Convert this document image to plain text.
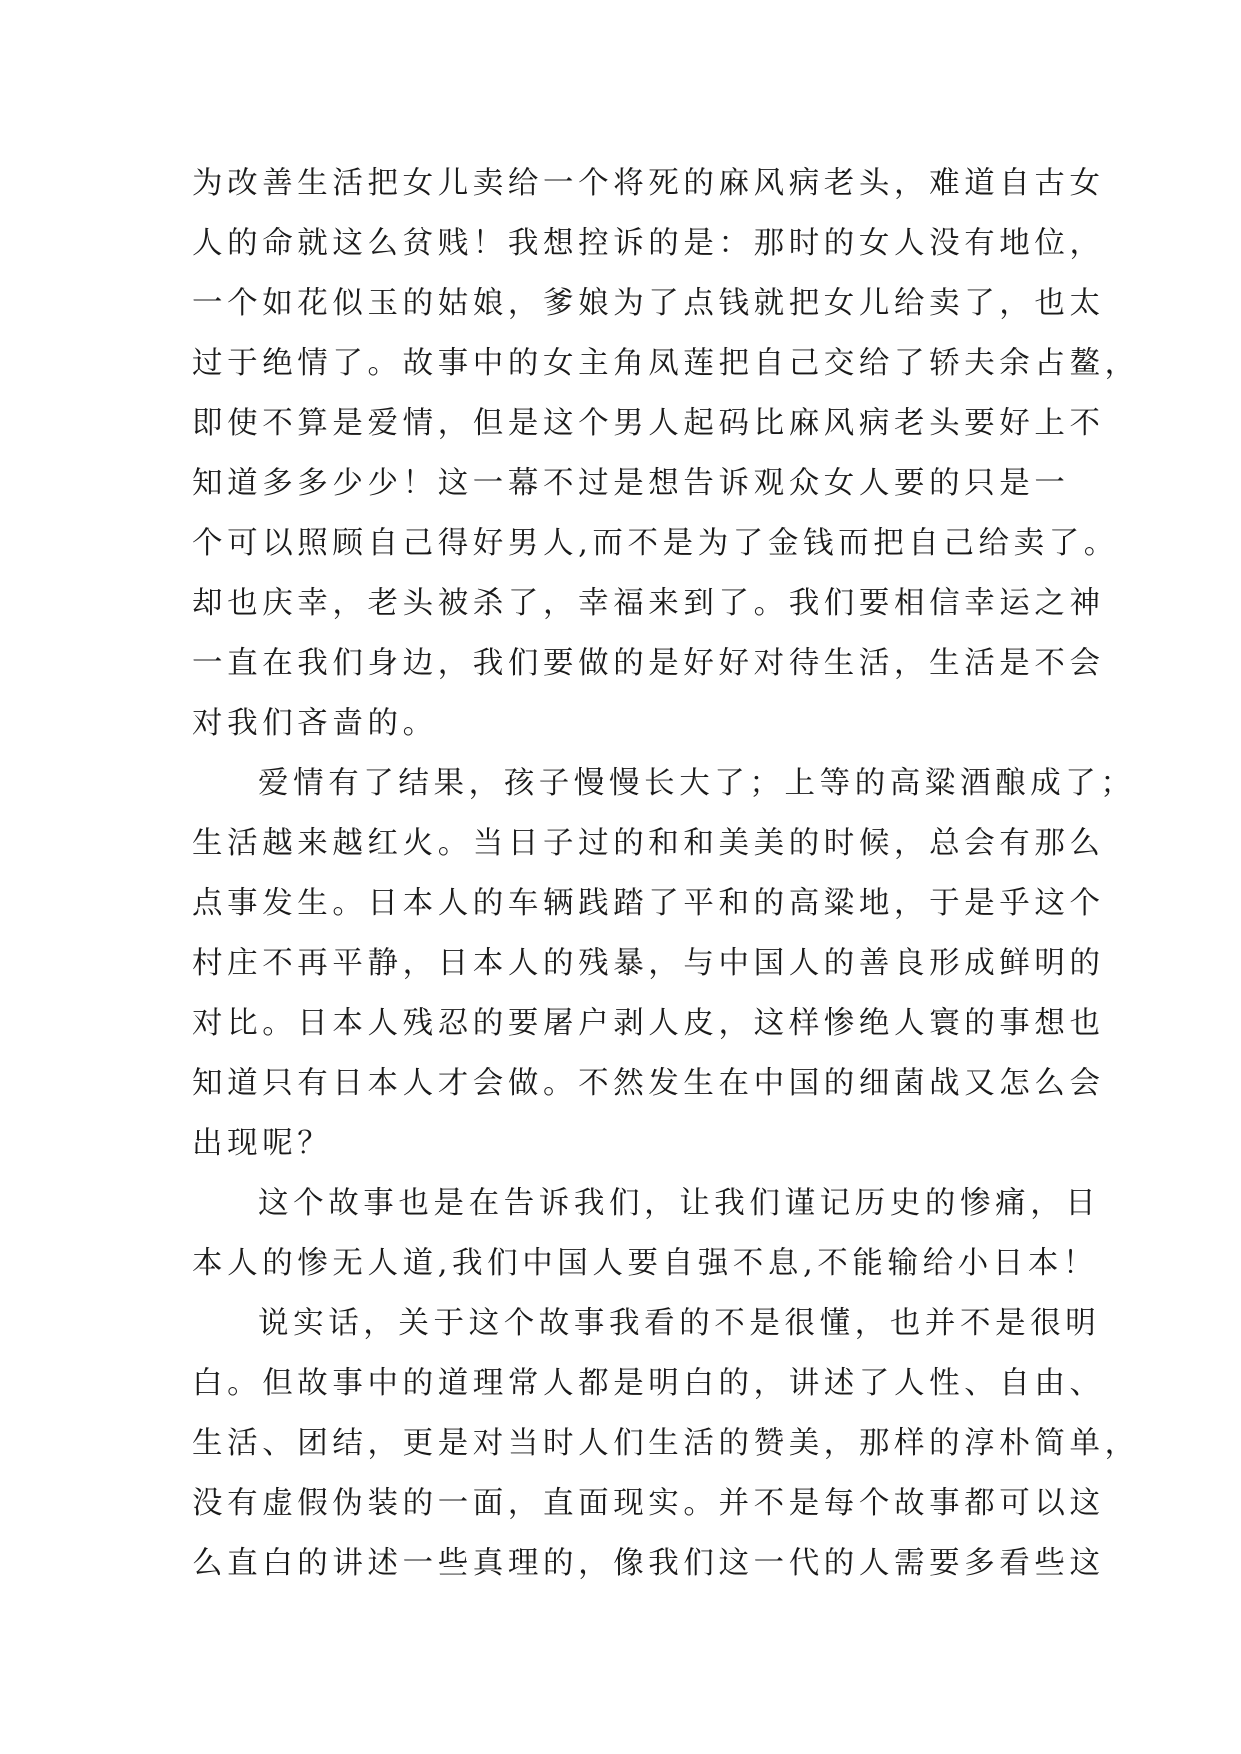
为改善生活把女儿卖给一个将死的麻风病老头，难道自古女
人的命就这么贫贱！我想控诉的是：那时的女人没有地位，
一个如花似玉的姑娘，爹娘为了点钱就把女儿给卖了，也太
过于绝情了。故事中的女主角凤莲把自己交给了轿夫余占鳌，
即使不算是爱情，但是这个男人起码比麻风病老头要好上不
知道多多少少！这一幕不过是想告诉观众女人要的只是一
个可以照顾自己得好男人,而不是为了金钱而把自己给卖了。
却也庆幸，老头被杀了，幸福来到了。我们要相信幸运之神
一直在我们身边，我们要做的是好好对待生活，生活是不会
对我们吝啬的。
爱情有了结果，孩子慢慢长大了；上等的高粱酒酿成了；
生活越来越红火。当日子过的和和美美的时候，总会有那么
点事发生。日本人的车辆践踏了平和的高粱地，于是乎这个
村庄不再平静，日本人的残暴，与中国人的善良形成鲜明的
对比。日本人残忍的要屠户剥人皮，这样惨绝人寰的事想也
知道只有日本人才会做。不然发生在中国的细菌战又怎么会
出现呢？
这个故事也是在告诉我们，让我们谨记历史的惨痛，日
本人的惨无人道,我们中国人要自强不息,不能输给小日本！
说实话，关于这个故事我看的不是很懂，也并不是很明
白。但故事中的道理常人都是明白的，讲述了人性、自由、
生活、团结，更是对当时人们生活的赞美，那样的淳朴简单，
没有虚假伪装的一面，直面现实。并不是每个故事都可以这
么直白的讲述一些真理的，像我们这一代的人需要多看些这
